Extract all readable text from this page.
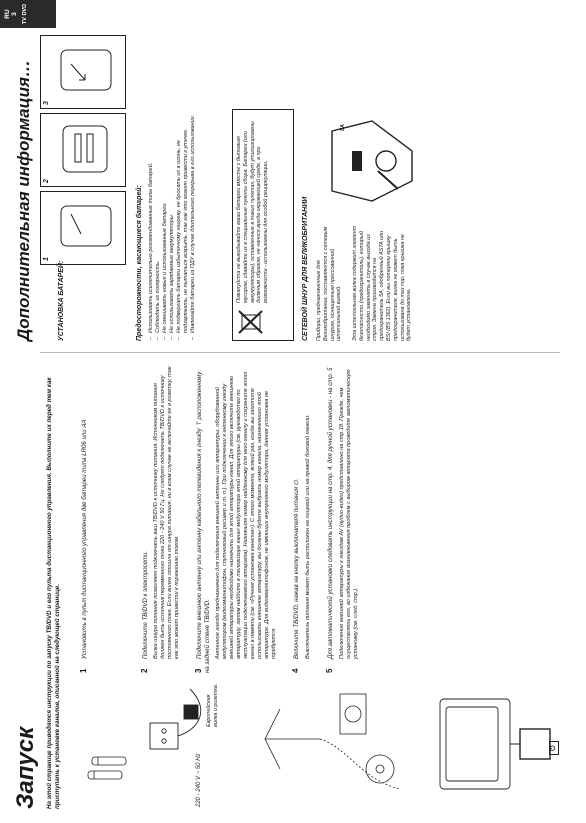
Запуск На этой странице приводятся инструкции по запуску TB/DVD и его пульта дистанционного управления. Выполните их перед тем как приступать к установке каналов, описанной на следующей странице.	220 - 240 V ~ 50 Hz
Европейская вилка и розетка.
⏻
1Установить в пульт дистанционного управления две батареи типа LR06 или AA
2Подключите TB/DVD к электросети. Вилка шнура питания позволяет подключать ваш TB/DVD к источнику питания. Источником питания должен быть источник переменного тока 220 - 240 V 50 Гц. Не следует подключать TB/DVD к источнику постоянного тока. Если вилка отошла от шнура питания, ни в коем случае не включайте ее в розетку, так как это может привести к поражению током.
3Подключите внешнюю антенну или антенну кабельного телевидения к гнезду ⊤ расположенному на задней стене TB/DVD. Антенное гнездо предназначено для подключения внешней антенны или аппаратуры, оборудованной модулятором (видеомагнитофон, спутниковый ресивер и т. п.). При подключении к антенному гнезду внешней аппаратуры необходимо назначить для этой аппаратуры канал. Для этого включите внешнюю аппаратуру, затем найдите в телевизоре канал модулятора этой аппаратуры (см. руководство по эксплуатации подключаемого аппарата). Назначьте номер найденному для него каналу и сохраните этот канал в памяти (см. «Ручная установка каналов»). С этого момента, всякий раз, когда вы захотите использовать внешнюю аппаратуру, вы должны будете выбрать номер канала, назначенного этой аппаратуре. Для видеомагнитофонов, не имеющих внутреннего модулятора, данная установка не требуется.
4Включите TB/DVD, нажав на кнопку выключателя питания ⏻. Выключатель питания может быть расположен на лицевой или на правой боковой панели.
5Для автоматической установки следовать инструкции на стр. 4, для ручной установки - на стр. 5 Подключение внешней аппаратуры к гнездам AV (аудио-видео) представлено на стр.18. Прежде, чем осуществлять его, во избежание возникновения проблем с выбором аппарата проведите автоматическую установку (см. след. стр.).
Дополнительная информация…
RU 3 TV DVD
УСТАНОВКА БАТАРЕЙ:
1
2
3
Предосторожности, касающиеся батарей: – Использовать исключительно рекомендованные типы батарей. – Соблюдать их полярность. – Не смешивать новые и использованные батареи. – Не использовать зарядаемые аккумуляторы. – Не подвергать батареи избыточному нагреву, не бросать их в огонь, не подзаряжать, не пытаться вскрыть, так как это может привести к утечке. – Извлекайте батареи из ПДУ в случае длительного перерыва в его использовании.	Пожалуйста не выкидывайте ваши батареи вместе с бытовым мусором, сдавайте их в специальные пункты сбора. Батареи (или аккумуляторы), оставленные в таких пунктах, будут утилизированы должным образом, не нанося вреда окружающей среде, а при возможности - использованы для особой рециркуляции.	СЕТЕВОЙ ШНУР ДЛЯ ВЕЛИКОБРИТАНИИ Приборы, предназначенные для Великобритании, поставляются с сетевым шнуром, оснащенным прессованной штепсельной вилкой. Эта штепсельная вилка содержит элемент безопасности (предохранитель), который необходимо заменять в случае выхода из строя. Замена производится на предохранитель 5А, одобренный ASTA или BSI (BS 1362). Если вы потеряли крышку предохранителя, вилка не может быть использована до тех пор, пока крышка не будет установлена.
5A
